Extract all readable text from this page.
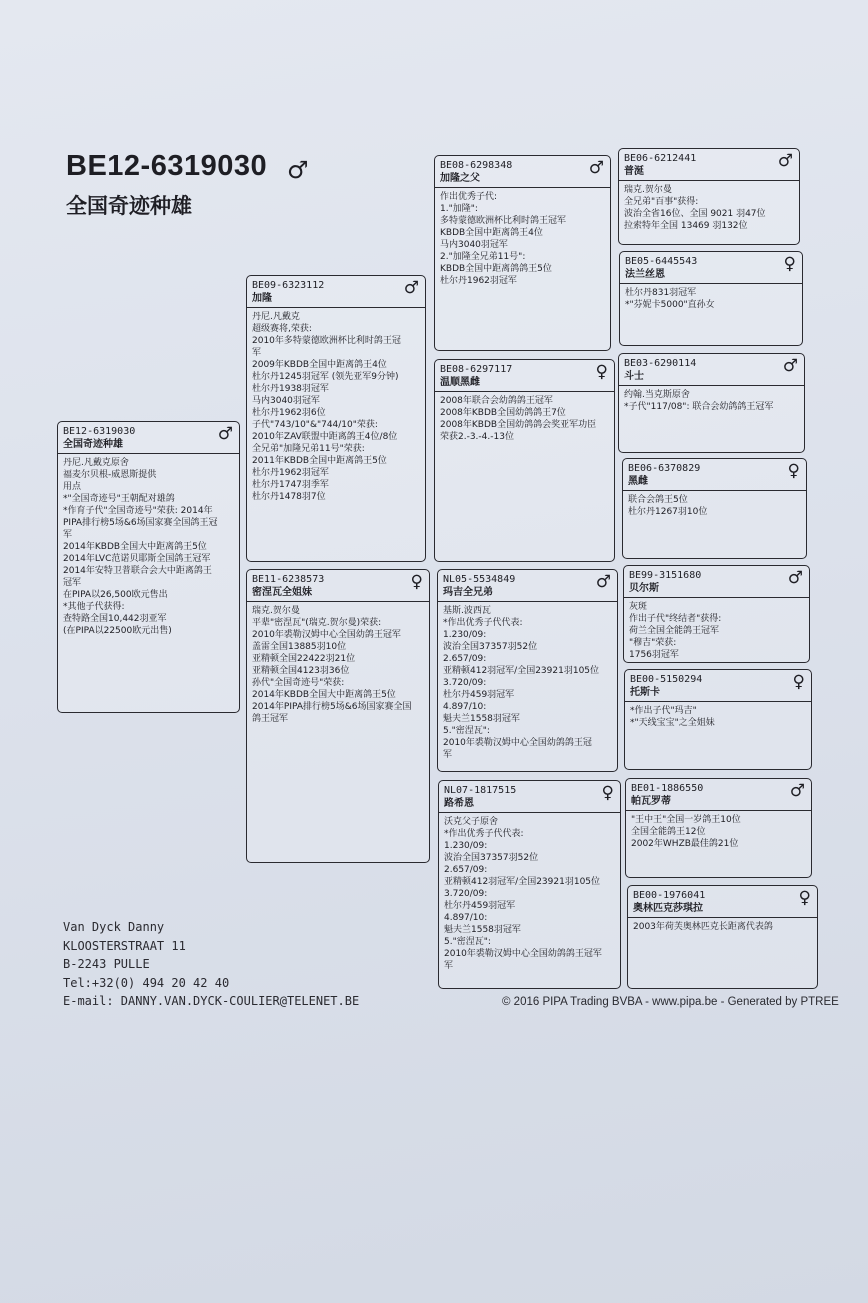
BE12-6319030 ♂
全国奇迹种雄
BE12-6319030
全国奇迹种雄
♂
丹尼.凡戴克原舍
福麦尔贝根-威恩斯提供
用点
*"全国奇迹号"王朝配对雄鸽
*作育子代"全国奇迹号"荣获: 2014年
PIPA排行榜5场&6场国家赛全国鸽王冠
军
2014年KBDB全国大中距离鸽王5位
2014年LVC范诺贝耶斯全国鸽王冠军
2014年安特卫普联合会大中距离鸽王
冠军
在PIPA以26,500欧元售出
*其他子代获得:
查特路全国10,442羽亚军
(在PIPA以22500欧元出售)
BE09-6323112
加隆
♂
丹尼.凡戴克
超级赛将,荣获:
2010年多特蒙德欧洲杯比利时鸽王冠
军
2009年KBDB全国中距离鸽王4位
杜尔丹1245羽冠军 (领先亚军9分钟)
杜尔丹1938羽冠军
马内3040羽冠军
杜尔丹1962羽6位
子代"743/10"&"744/10"荣获:
2010年ZAV联盟中距离鸽王4位/8位
全兄弟"加隆兄弟11号"荣获:
2011年KBDB全国中距离鸽王5位
杜尔丹1962羽冠军
杜尔丹1747羽季军
杜尔丹1478羽7位
BE11-6238573
密涅瓦全姐妹
♀
瑞克.贺尔曼
平辈"密涅瓦"(瑞克.贺尔曼)荣获:
2010年裘勒汉姆中心全国幼鸽王冠军
盖雷全国13885羽10位
亚精顿全国22422羽21位
亚精顿全国4123羽36位
孙代"全国奇迹号"荣获:
2014年KBDB全国大中距离鸽王5位
2014年PIPA排行榜5场&6场国家赛全国
鸽王冠军
BE08-6298348
加隆之父
♂
作出优秀子代:
1."加隆":
多特蒙德欧洲杯比利时鸽王冠军
KBDB全国中距离鸽王4位
马内3040羽冠军
2."加隆全兄弟11号":
KBDB全国中距离鸽鸽王5位
杜尔丹1962羽冠军
BE08-6297117
温顺黑雌
♀
2008年联合会幼鸽鸽王冠军
2008年KBDB全国幼鸽鸽王7位
2008年KBDB全国幼鸽鸽会奖亚军功臣
荣获2.-3.-4.-13位
NL05-5534849
玛吉全兄弟
♂
基斯.波西瓦
*作出优秀子代代表:
1.230/09:
波治全国37357羽52位
2.657/09:
亚精顿412羽冠军/全国23921羽105位
3.720/09:
杜尔丹459羽冠军
4.897/10:
魁夫兰1558羽冠军
5."密涅瓦":
2010年裘勒汉姆中心全国幼鸽鸽王冠
军
NL07-1817515
路希恩
♀
沃克父子原舍
*作出优秀子代代表:
1.230/09:
波治全国37357羽52位
2.657/09:
亚精顿412羽冠军/全国23921羽105位
3.720/09:
杜尔丹459羽冠军
4.897/10:
魁夫兰1558羽冠军
5."密涅瓦":
2010年裘勒汉姆中心全国幼鸽鸽王冠军
军
BE06-6212441
普涎
♂
瑞克.贺尔曼
全兄弟"百事"获得:
波治全省16位、全国 9021 羽47位
拉索特年全国 13469 羽132位
BE05-6445543
法兰丝恩
♀
杜尔丹831羽冠军
*"芬妮卡5000"直孙女
BE03-6290114
斗士
♂
约翰.当克斯原舍
*子代"117/08": 联合会幼鸽鸽王冠军
BE06-6370829
黑雌
♀
联合会鸽王5位
杜尔丹1267羽10位
BE99-3151680
贝尔斯
♂
灰斑
作出子代"终结者"获得:
荷兰全国全能鸽王冠军
"穆吉"荣获:
1756羽冠军
BE00-5150294
托斯卡
♀
*作出子代"玛吉"
*"天线宝宝"之全姐妹
BE01-1886550
帕瓦罗蒂
♂
"王中王"全国一岁鸽王10位
全国全能鸽王12位
2002年WHZB最佳鸽21位
BE00-1976041
奥林匹克莎琪拉
♀
2003年荷芙奥林匹克长距离代表鸽
Van Dyck Danny
KLOOSTERSTRAAT 11
B-2243 PULLE
Tel:+32(0) 494 20 42 40
E-mail: DANNY.VAN.DYCK-COULIER@TELENET.BE	© 2016 PIPA Trading BVBA - www.pipa.be - Generated by PTREE
